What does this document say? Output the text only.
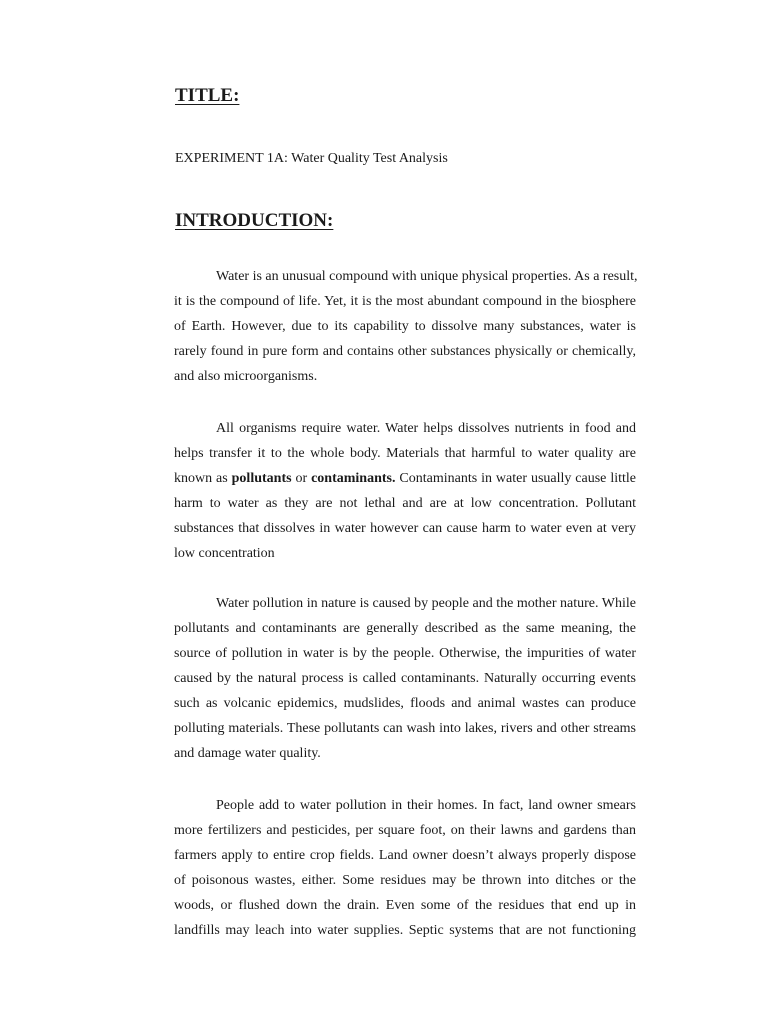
TITLE:

EXPERIMENT 1A: Water Quality Test Analysis

INTRODUCTION:
Water is an unusual compound with unique physical properties. As a result,
it is the compound of life. Yet, it is the most abundant compound in the biosphere
of Earth. However, due to its capability to dissolve many substances, water is
rarely found in pure form and contains other substances physically or chemically,
and also microorganisms.
All organisms require water. Water helps dissolves nutrients in food and
helps transfer it to the whole body. Materials that harmful to water quality are
known as pollutants or contaminants. Contaminants in water usually cause little
harm to water as they are not lethal and are at low concentration. Pollutant
substances that dissolves in water however can cause harm to water even at very
low concentration
Water pollution in nature is caused by people and the mother nature. While
pollutants and contaminants are generally described as the same meaning, the
source of pollution in water is by the people. Otherwise, the impurities of water
caused by the natural process is called contaminants. Naturally occurring events
such as volcanic epidemics, mudslides, floods and animal wastes can produce
polluting materials. These pollutants can wash into lakes, rivers and other streams
and damage water quality.
People add to water pollution in their homes. In fact, land owner smears
more fertilizers and pesticides, per square foot, on their lawns and gardens than
farmers apply to entire crop fields. Land owner doesn’t always properly dispose
of poisonous wastes, either. Some residues may be thrown into ditches or the
woods, or flushed down the drain. Even some of the residues that end up in
landfills may leach into water supplies. Septic systems that are not functioning
